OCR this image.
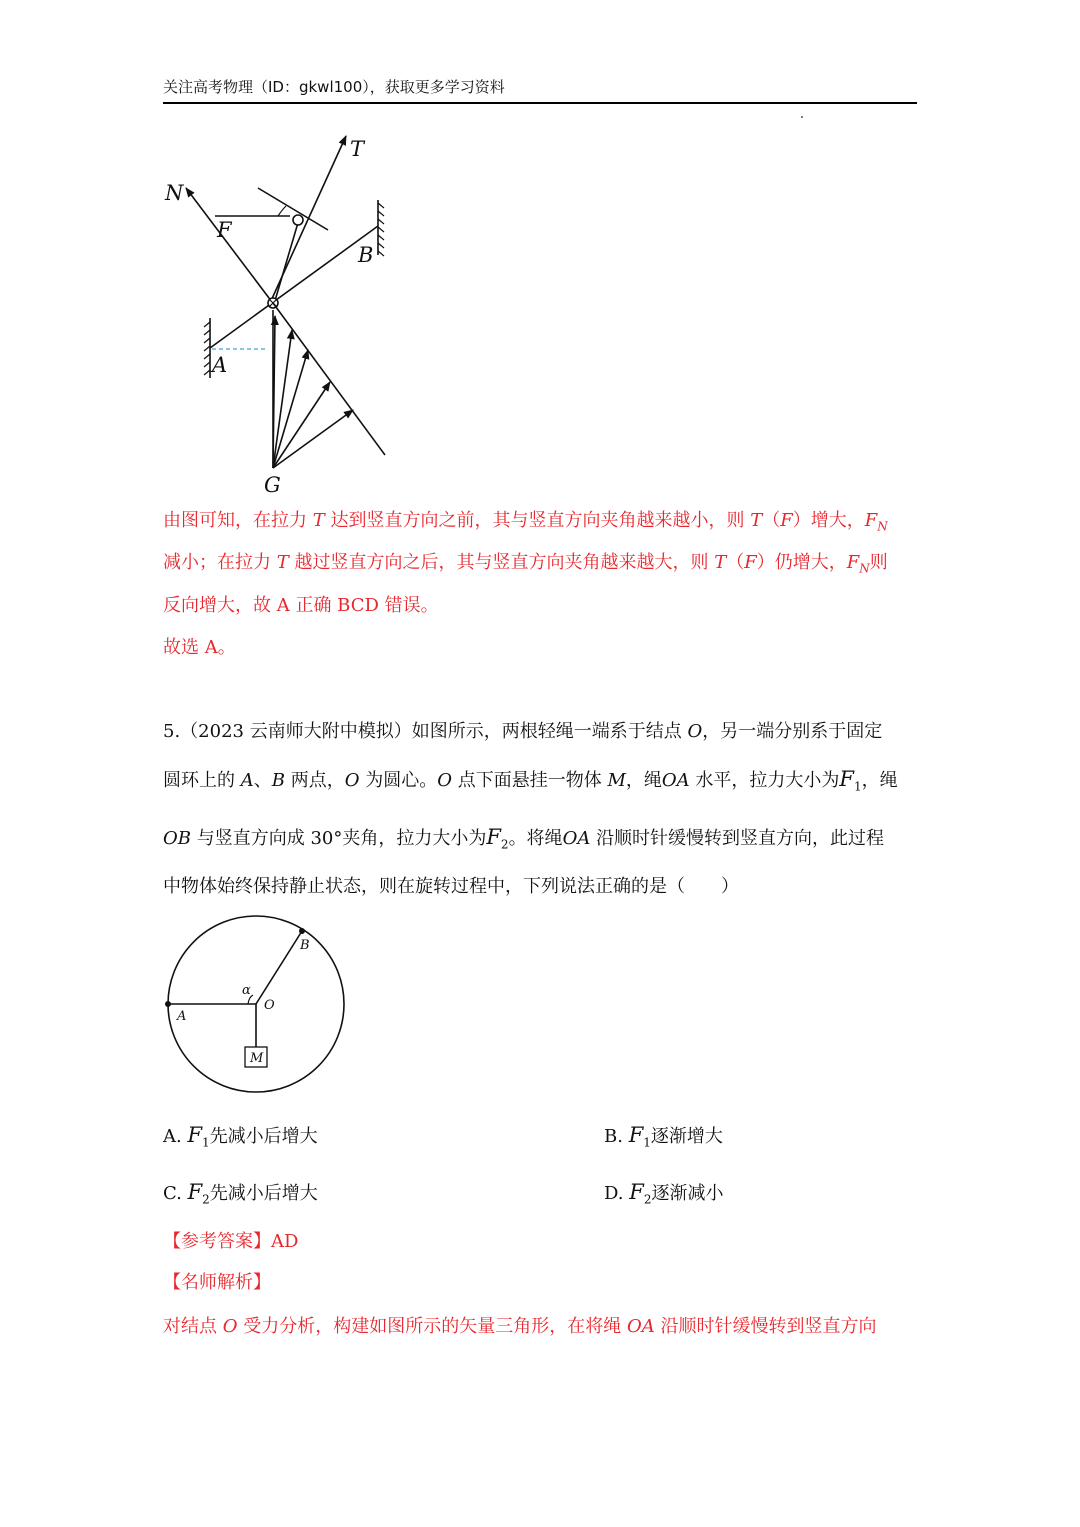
关注高考物理（ID：gkwl100），获取更多学习资料
T
N
F
B
A
G
由图可知，在拉力 T 达到竖直方向之前，其与竖直方向夹角越来越小，则 T（F）增大，$F_N$
减小；在拉力 T 越过竖直方向之后，其与竖直方向夹角越来越大，则 T（F）仍增大，$F_N$则
反向增大，故 A 正确 BCD 错误。
故选 A。
5.（2023 云南师大附中模拟）如图所示，两根轻绳一端系于结点 O，另一端分别系于固定
圆环上的 A、B 两点，O 为圆心。O 点下面悬挂一物体 M，绳OA 水平，拉力大小为$F_1$，绳
OB 与竖直方向成 30°夹角，拉力大小为$F_2$。将绳OA 沿顺时针缓慢转到竖直方向，此过程
中物体始终保持静止状态，则在旋转过程中，下列说法正确的是（　　）
B
α
O
A
M
A. $F_1$先减小后增大	B. $F_1$逐渐增大
C. $F_2$先减小后增大	D. $F_2$逐渐减小
【参考答案】AD
【名师解析】
对结点 O 受力分析，构建如图所示的矢量三角形，在将绳 OA 沿顺时针缓慢转到竖直方向
